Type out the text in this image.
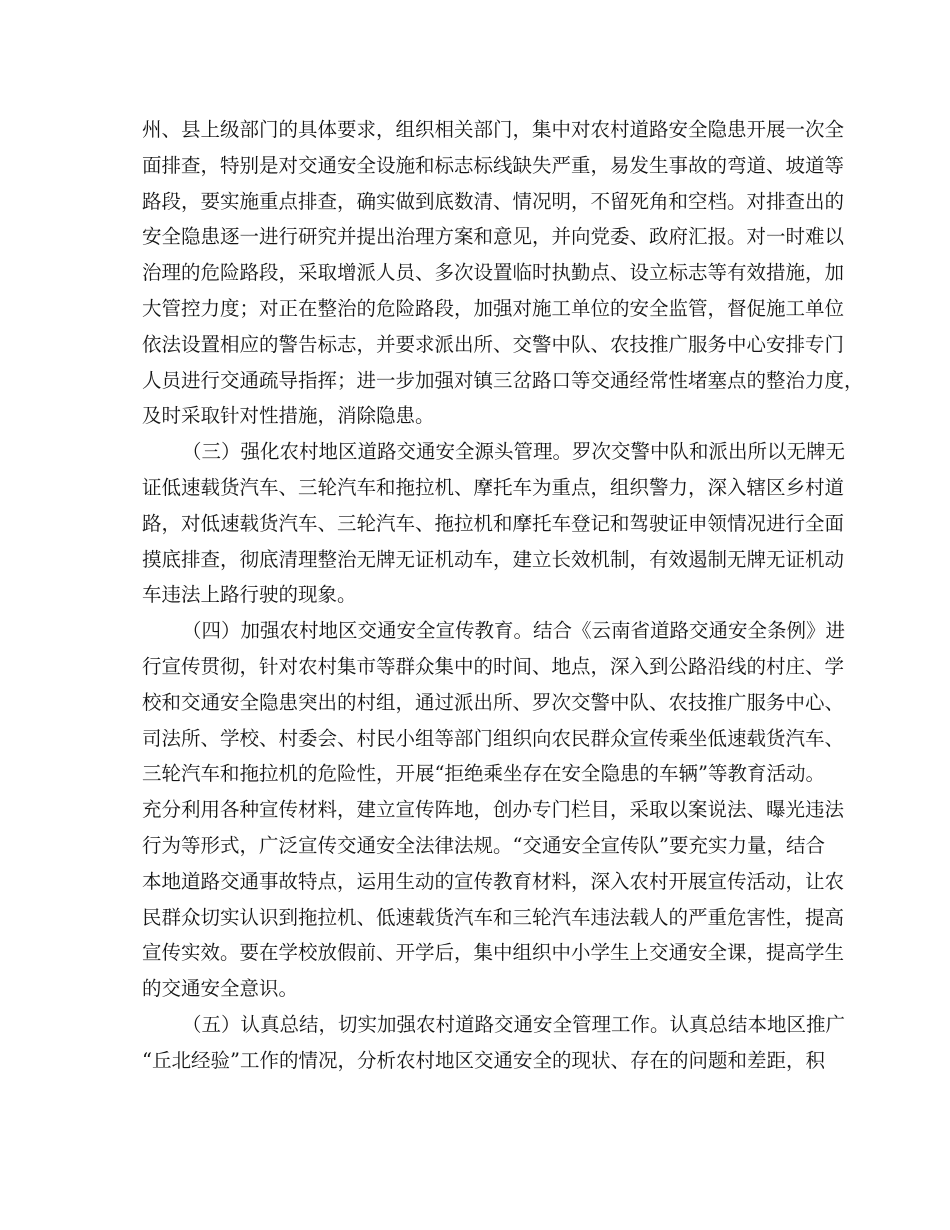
州、县上级部门的具体要求，组织相关部门，集中对农村道路安全隐患开展一次全
面排查，特别是对交通安全设施和标志标线缺失严重，易发生事故的弯道、坡道等
路段，要实施重点排查，确实做到底数清、情况明，不留死角和空档。对排查出的
安全隐患逐一进行研究并提出治理方案和意见，并向党委、政府汇报。对一时难以
治理的危险路段，采取增派人员、多次设置临时执勤点、设立标志等有效措施，加
大管控力度；对正在整治的危险路段，加强对施工单位的安全监管，督促施工单位
依法设置相应的警告标志，并要求派出所、交警中队、农技推广服务中心安排专门
人员进行交通疏导指挥；进一步加强对镇三岔路口等交通经常性堵塞点的整治力度，
及时采取针对性措施，消除隐患。
（三）强化农村地区道路交通安全源头管理。罗次交警中队和派出所以无牌无
证低速载货汽车、三轮汽车和拖拉机、摩托车为重点，组织警力，深入辖区乡村道
路，对低速载货汽车、三轮汽车、拖拉机和摩托车登记和驾驶证申领情况进行全面
摸底排查，彻底清理整治无牌无证机动车，建立长效机制，有效遏制无牌无证机动
车违法上路行驶的现象。
（四）加强农村地区交通安全宣传教育。结合《云南省道路交通安全条例》进
行宣传贯彻，针对农村集市等群众集中的时间、地点，深入到公路沿线的村庄、学
校和交通安全隐患突出的村组，通过派出所、罗次交警中队、农技推广服务中心、
司法所、学校、村委会、村民小组等部门组织向农民群众宣传乘坐低速载货汽车、
三轮汽车和拖拉机的危险性，开展“拒绝乘坐存在安全隐患的车辆”等教育活动。
充分利用各种宣传材料，建立宣传阵地，创办专门栏目，采取以案说法、曝光违法
行为等形式，广泛宣传交通安全法律法规。“交通安全宣传队”要充实力量，结合
本地道路交通事故特点，运用生动的宣传教育材料，深入农村开展宣传活动，让农
民群众切实认识到拖拉机、低速载货汽车和三轮汽车违法载人的严重危害性，提高
宣传实效。要在学校放假前、开学后，集中组织中小学生上交通安全课，提高学生
的交通安全意识。
（五）认真总结，切实加强农村道路交通安全管理工作。认真总结本地区推广
“丘北经验”工作的情况，分析农村地区交通安全的现状、存在的问题和差距，积
